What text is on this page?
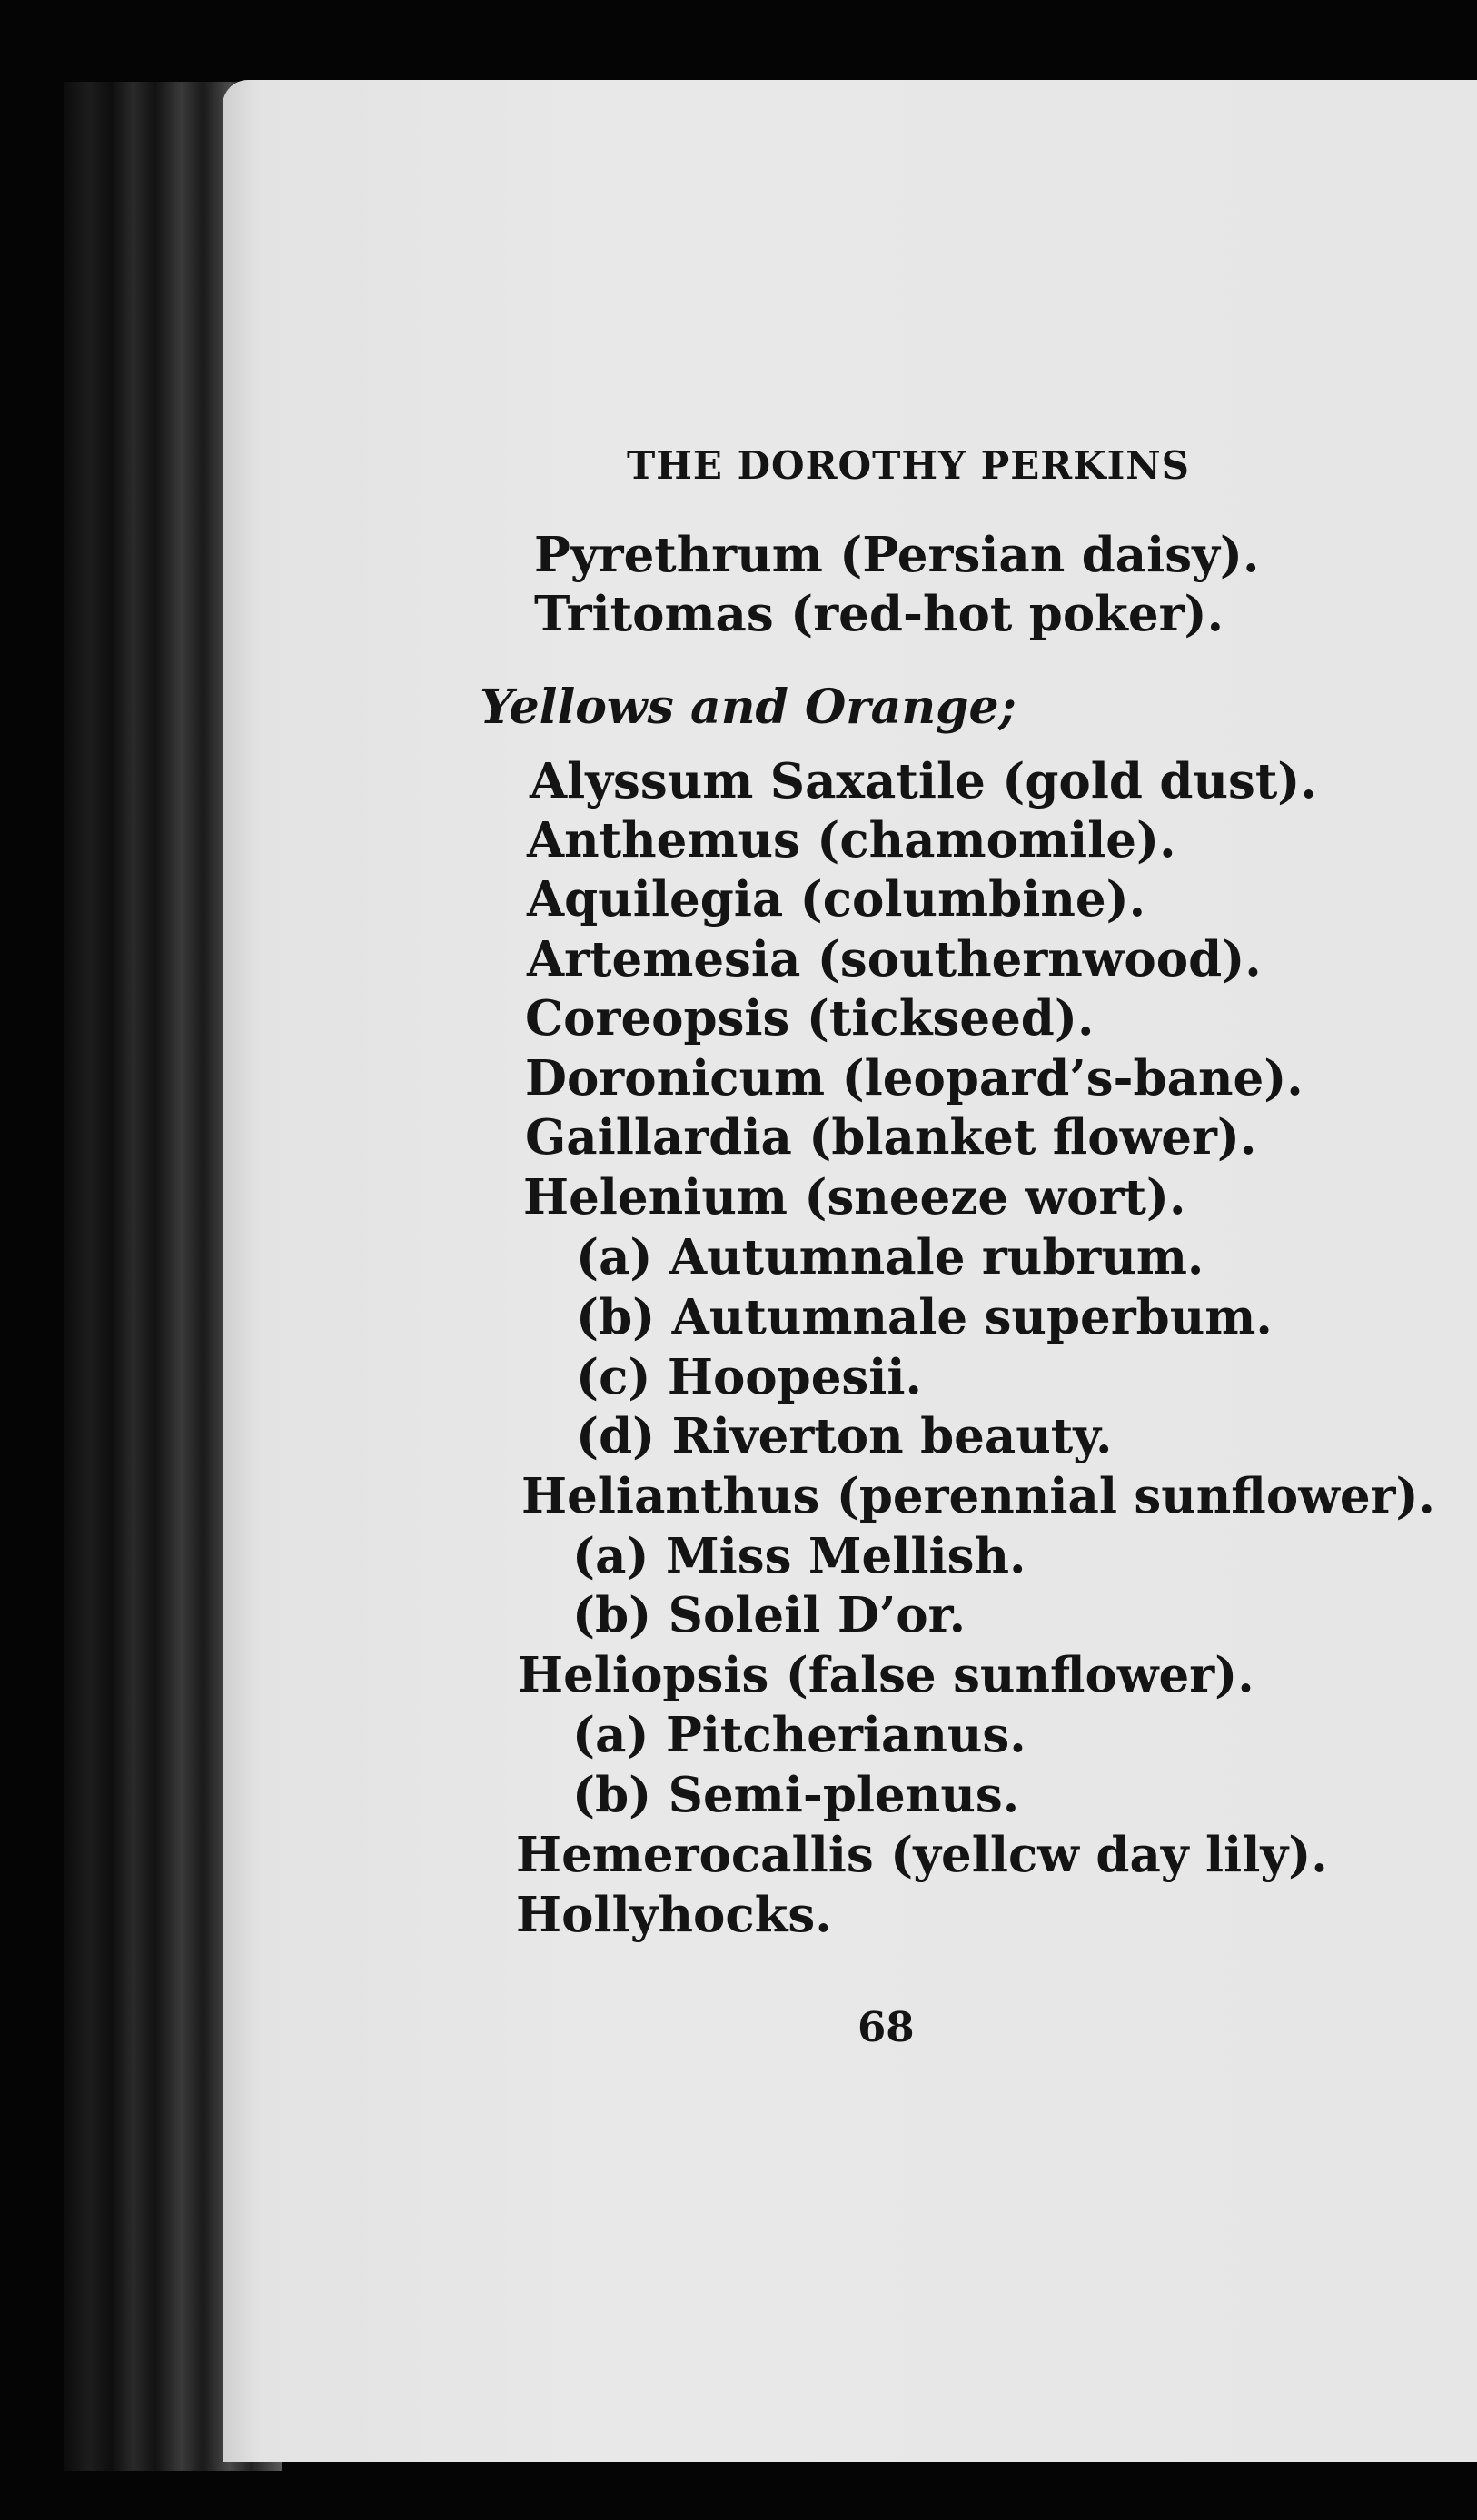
THE DOROTHY PERKINS
Pyrethrum (Persian daisy).
Tritomas (red-hot poker).
Yellows and Orange;
Alyssum Saxatile (gold dust).
Anthemus (chamomile).
Aquilegia (columbine).
Artemesia (southernwood).
Coreopsis (tickseed).
Doronicum (leopard’s-bane).
Gaillardia (blanket flower).
Helenium (sneeze wort).
(a) Autumnale rubrum.
(b) Autumnale superbum.
(c) Hoopesii.
(d) Riverton beauty.
Helianthus (perennial sunflower).
(a) Miss Mellish.
(b) Soleil D’or.
Heliopsis (false sunflower).
(a) Pitcherianus.
(b) Semi-plenus.
Hemerocallis (yellcw day lily).
Hollyhocks.
68
